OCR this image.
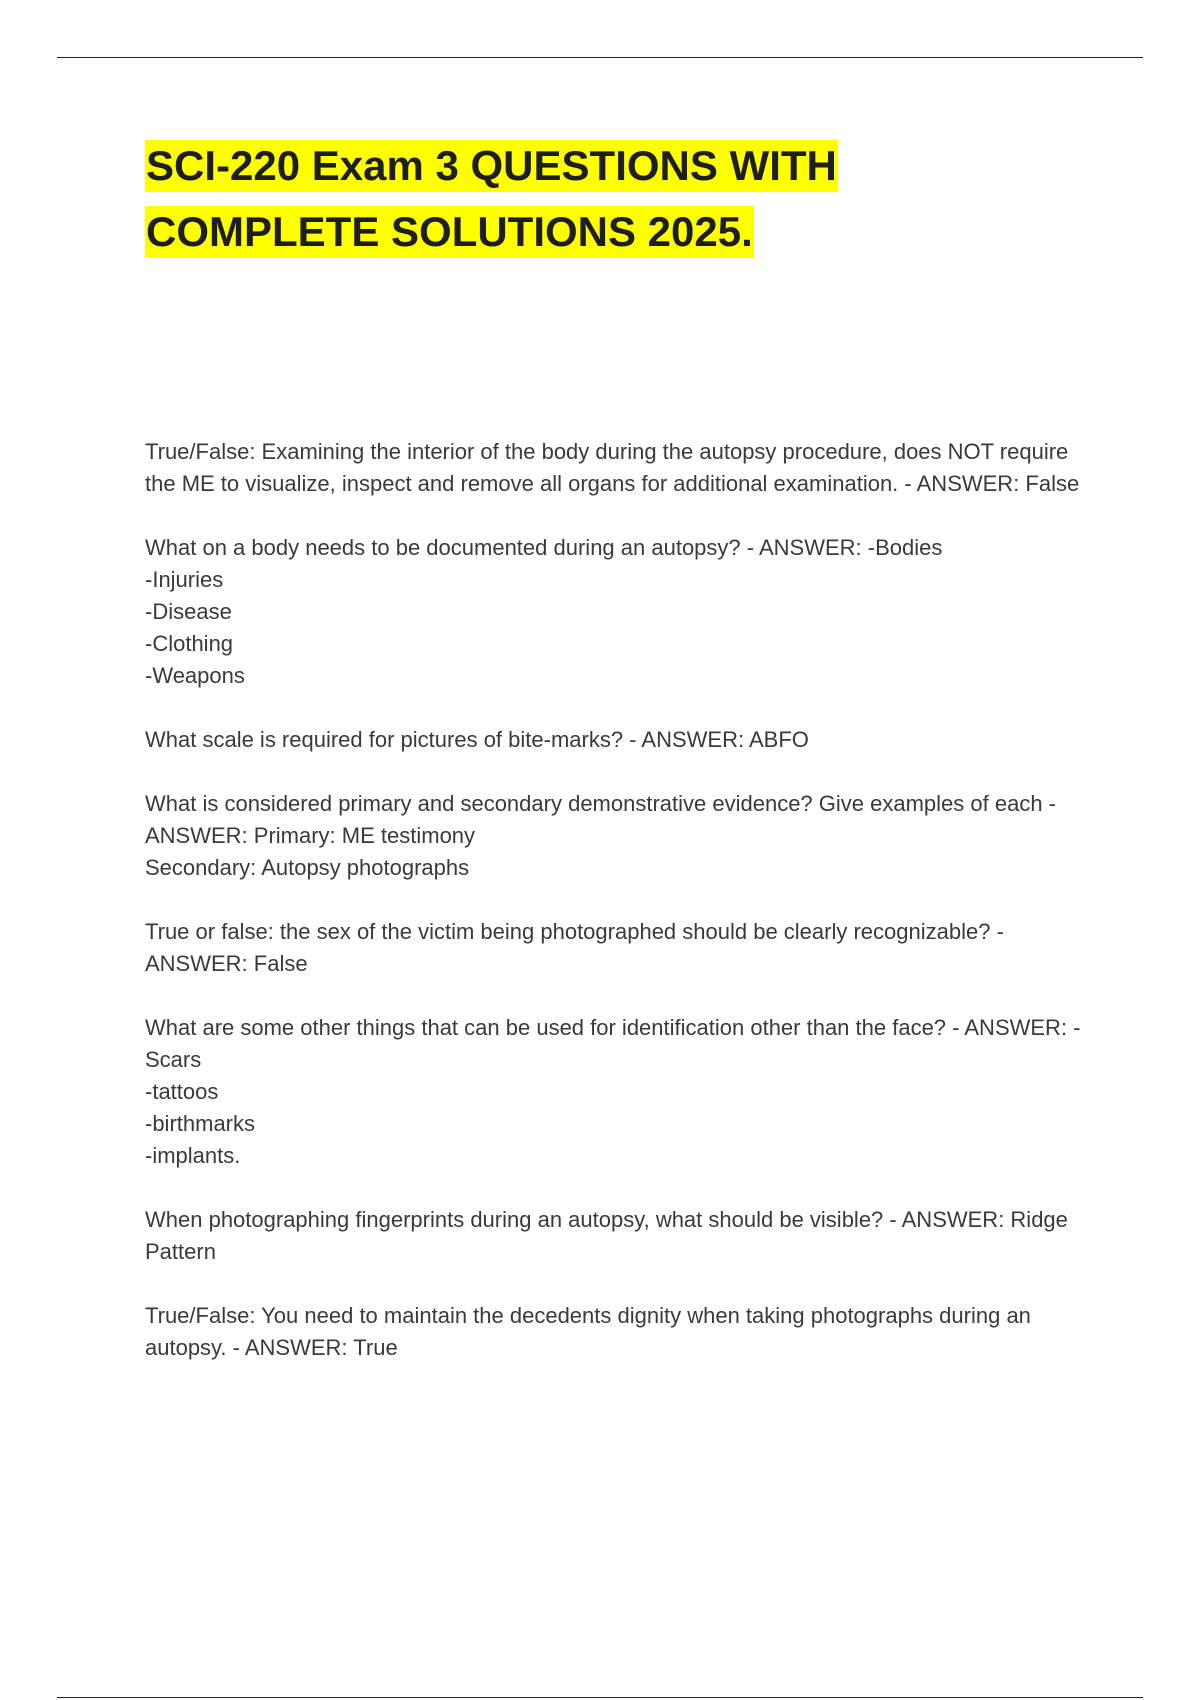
SCI-220 Exam 3 QUESTIONS WITH
COMPLETE SOLUTIONS 2025.
True/False: Examining the interior of the body during the autopsy procedure, does NOT require the ME to visualize, inspect and remove all organs for additional examination. - ANSWER: False
What on a body needs to be documented during an autopsy? - ANSWER: -Bodies
-Injuries
-Disease
-Clothing
-Weapons
What scale is required for pictures of bite-marks? - ANSWER: ABFO
What is considered primary and secondary demonstrative evidence? Give examples of each - ANSWER: Primary: ME testimony
Secondary: Autopsy photographs
True or false: the sex of the victim being photographed should be clearly recognizable? - ANSWER: False
What are some other things that can be used for identification other than the face? - ANSWER: -Scars
-tattoos
-birthmarks
-implants.
When photographing fingerprints during an autopsy, what should be visible? - ANSWER: Ridge Pattern
True/False: You need to maintain the decedents dignity when taking photographs during an autopsy. - ANSWER: True
